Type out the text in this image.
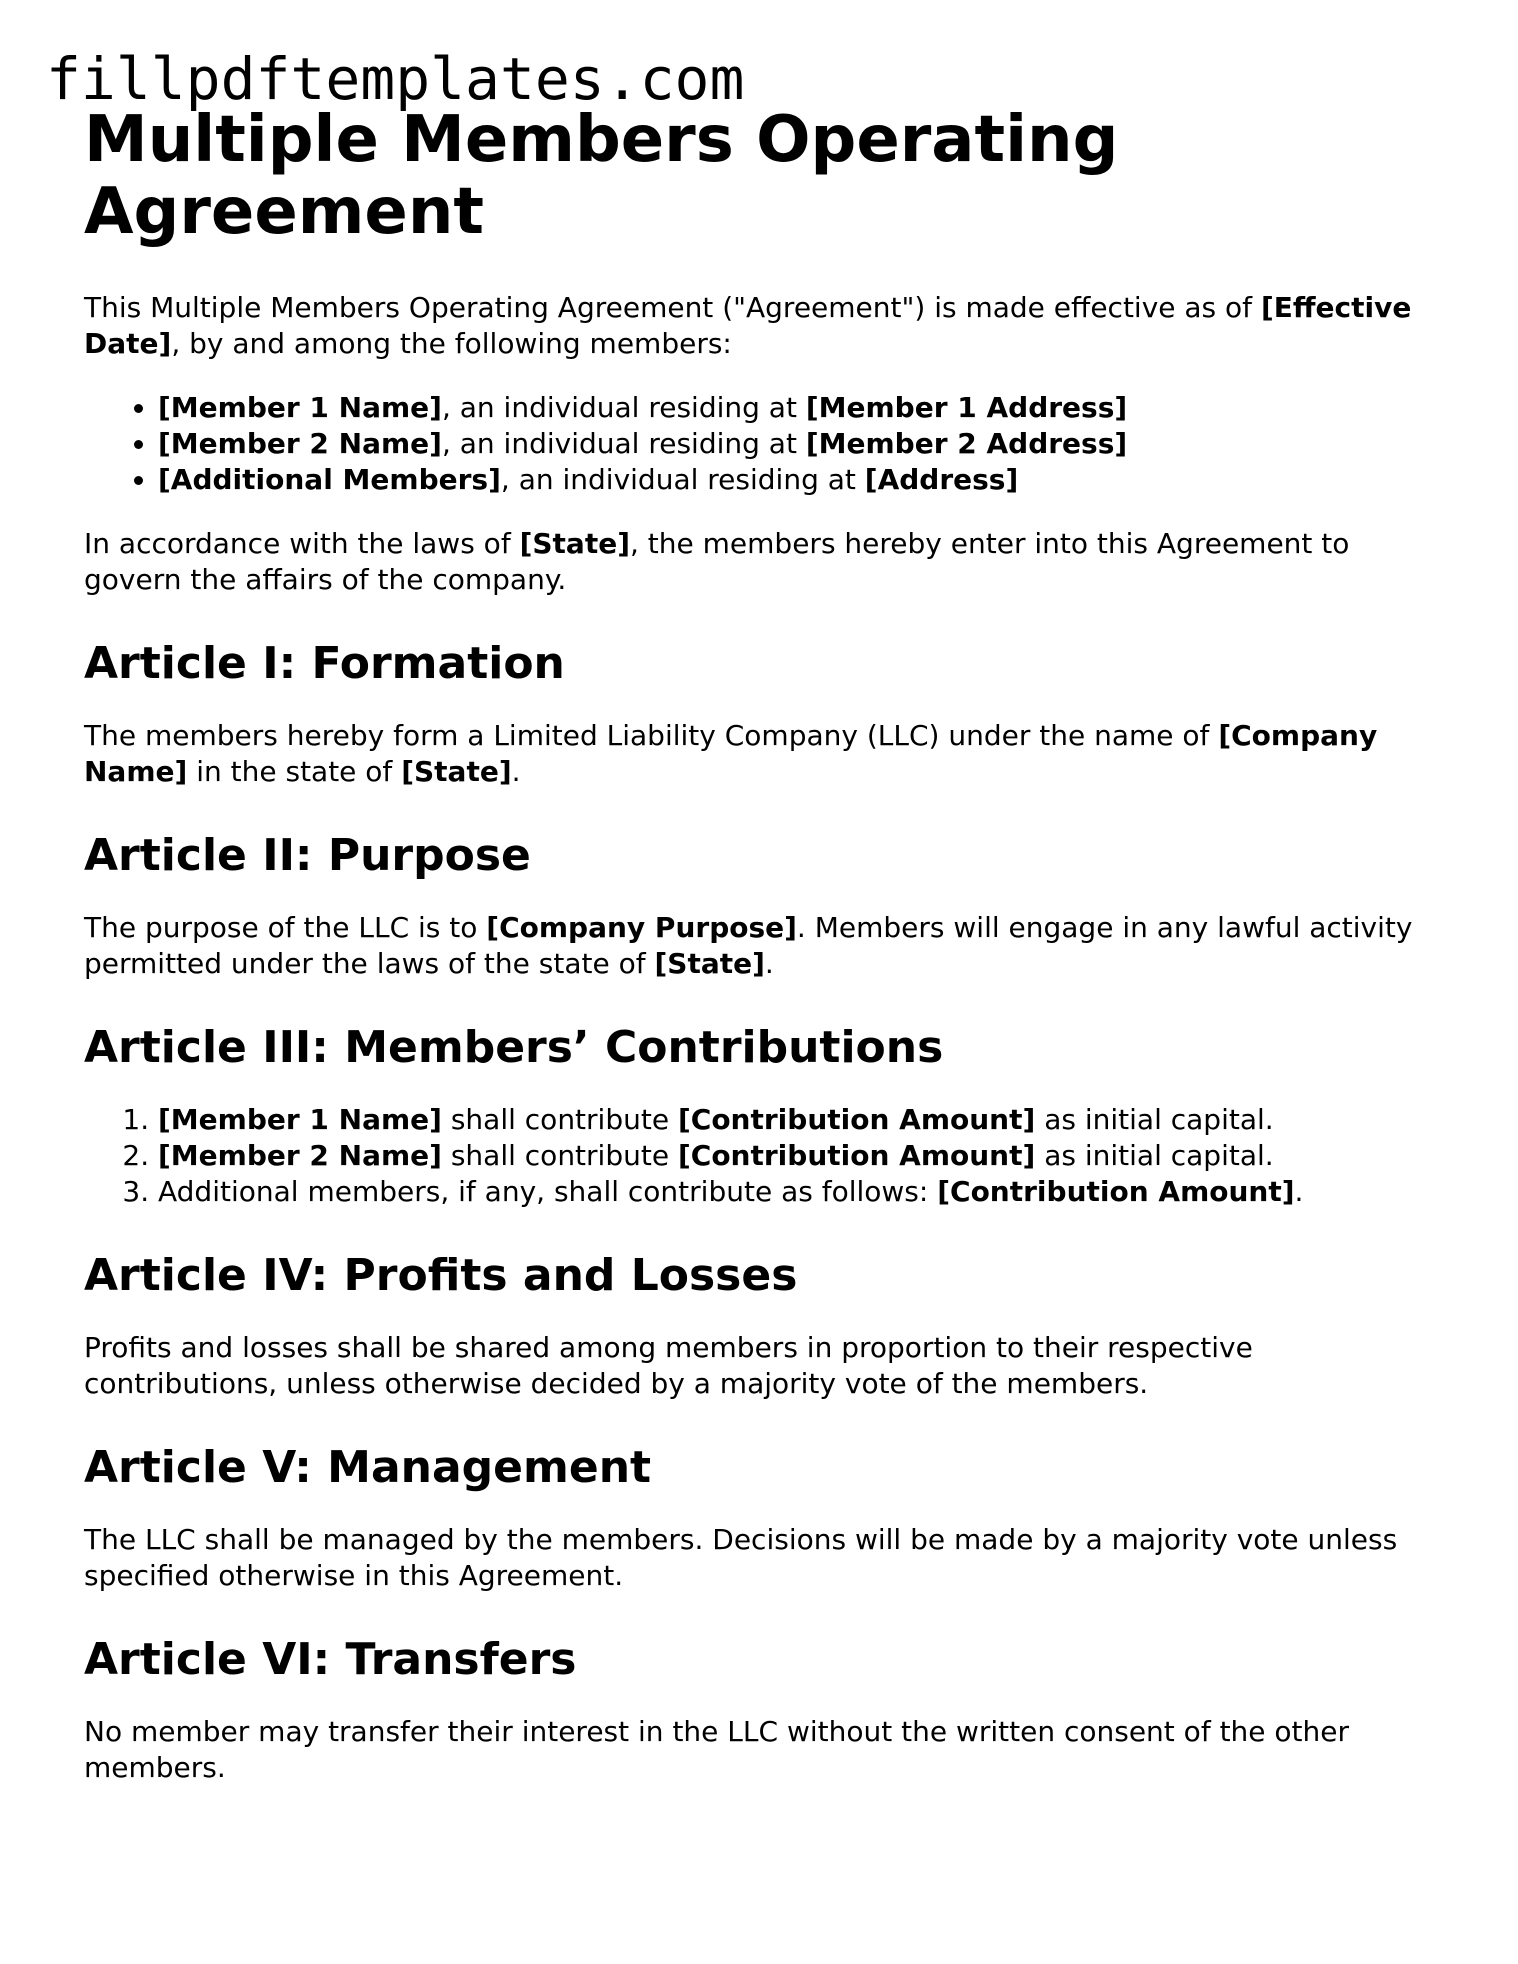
fillpdftemplates.com
Multiple Members Operating Agreement

This Multiple Members Operating Agreement ("Agreement") is made effective as of [Effective Date], by and among the following members:

• [Member 1 Name], an individual residing at [Member 1 Address]
• [Member 2 Name], an individual residing at [Member 2 Address]
• [Additional Members], an individual residing at [Address]

In accordance with the laws of [State], the members hereby enter into this Agreement to govern the affairs of the company.

Article I: Formation

The members hereby form a Limited Liability Company (LLC) under the name of [Company Name] in the state of [State].

Article II: Purpose

The purpose of the LLC is to [Company Purpose]. Members will engage in any lawful activity permitted under the laws of the state of [State].

Article III: Members’ Contributions
1. [Member 1 Name] shall contribute [Contribution Amount] as initial capital.
2. [Member 2 Name] shall contribute [Contribution Amount] as initial capital.
3. Additional members, if any, shall contribute as follows: [Contribution Amount].
Article IV: Profits and Losses

Profits and losses shall be shared among members in proportion to their respective contributions, unless otherwise decided by a majority vote of the members.

Article V: Management

The LLC shall be managed by the members. Decisions will be made by a majority vote unless specified otherwise in this Agreement.

Article VI: Transfers

No member may transfer their interest in the LLC without the written consent of the other members.
